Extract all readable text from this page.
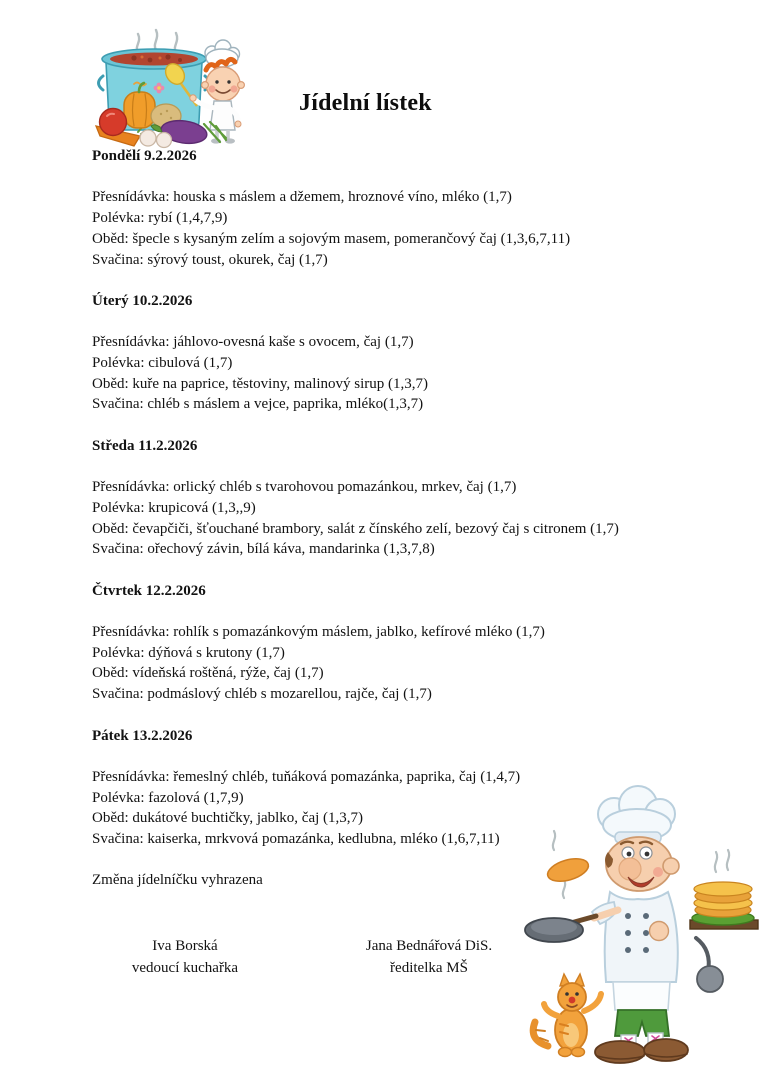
Jídelní lístek
Pondělí 9.2.2026
Přesnídávka: houska s máslem a džemem, hroznové víno, mléko (1,7)
Polévka: rybí (1,4,7,9)
Oběd: špecle s kysaným zelím a sojovým masem, pomerančový čaj (1,3,6,7,11)
Svačina: sýrový toust, okurek, čaj (1,7)
Úterý 10.2.2026
Přesnídávka: jáhlovo-ovesná kaše s ovocem, čaj (1,7)
Polévka: cibulová (1,7)
Oběd: kuře na paprice, těstoviny, malinový sirup (1,3,7)
Svačina: chléb s máslem a vejce, paprika, mléko(1,3,7)
Středa 11.2.2026
Přesnídávka: orlický chléb s tvarohovou pomazánkou, mrkev, čaj (1,7)
Polévka: krupicová (1,3,,9)
Oběd: čevapčiči, šťouchané brambory, salát z čínského zelí, bezový čaj s citronem (1,7)
Svačina: ořechový závin, bílá káva, mandarinka (1,3,7,8)
Čtvrtek 12.2.2026
Přesnídávka: rohlík s pomazánkovým máslem, jablko, kefírové mléko (1,7)
Polévka: dýňová s krutony (1,7)
Oběd: vídeňská roštěná, rýže, čaj (1,7)
Svačina: podmáslový chléb s mozarellou, rajče, čaj (1,7)
Pátek 13.2.2026
Přesnídávka: řemeslný chléb, tuňáková pomazánka, paprika, čaj (1,4,7)
Polévka: fazolová (1,7,9)
Oběd: dukátové buchtičky, jablko, čaj (1,3,7)
Svačina: kaiserka, mrkvová pomazánka, kedlubna, mléko (1,6,7,11)
Změna jídelníčku vyhrazena
Iva Borská
vedoucí kuchařka
Jana Bednářová DiS.
ředitelka MŠ
